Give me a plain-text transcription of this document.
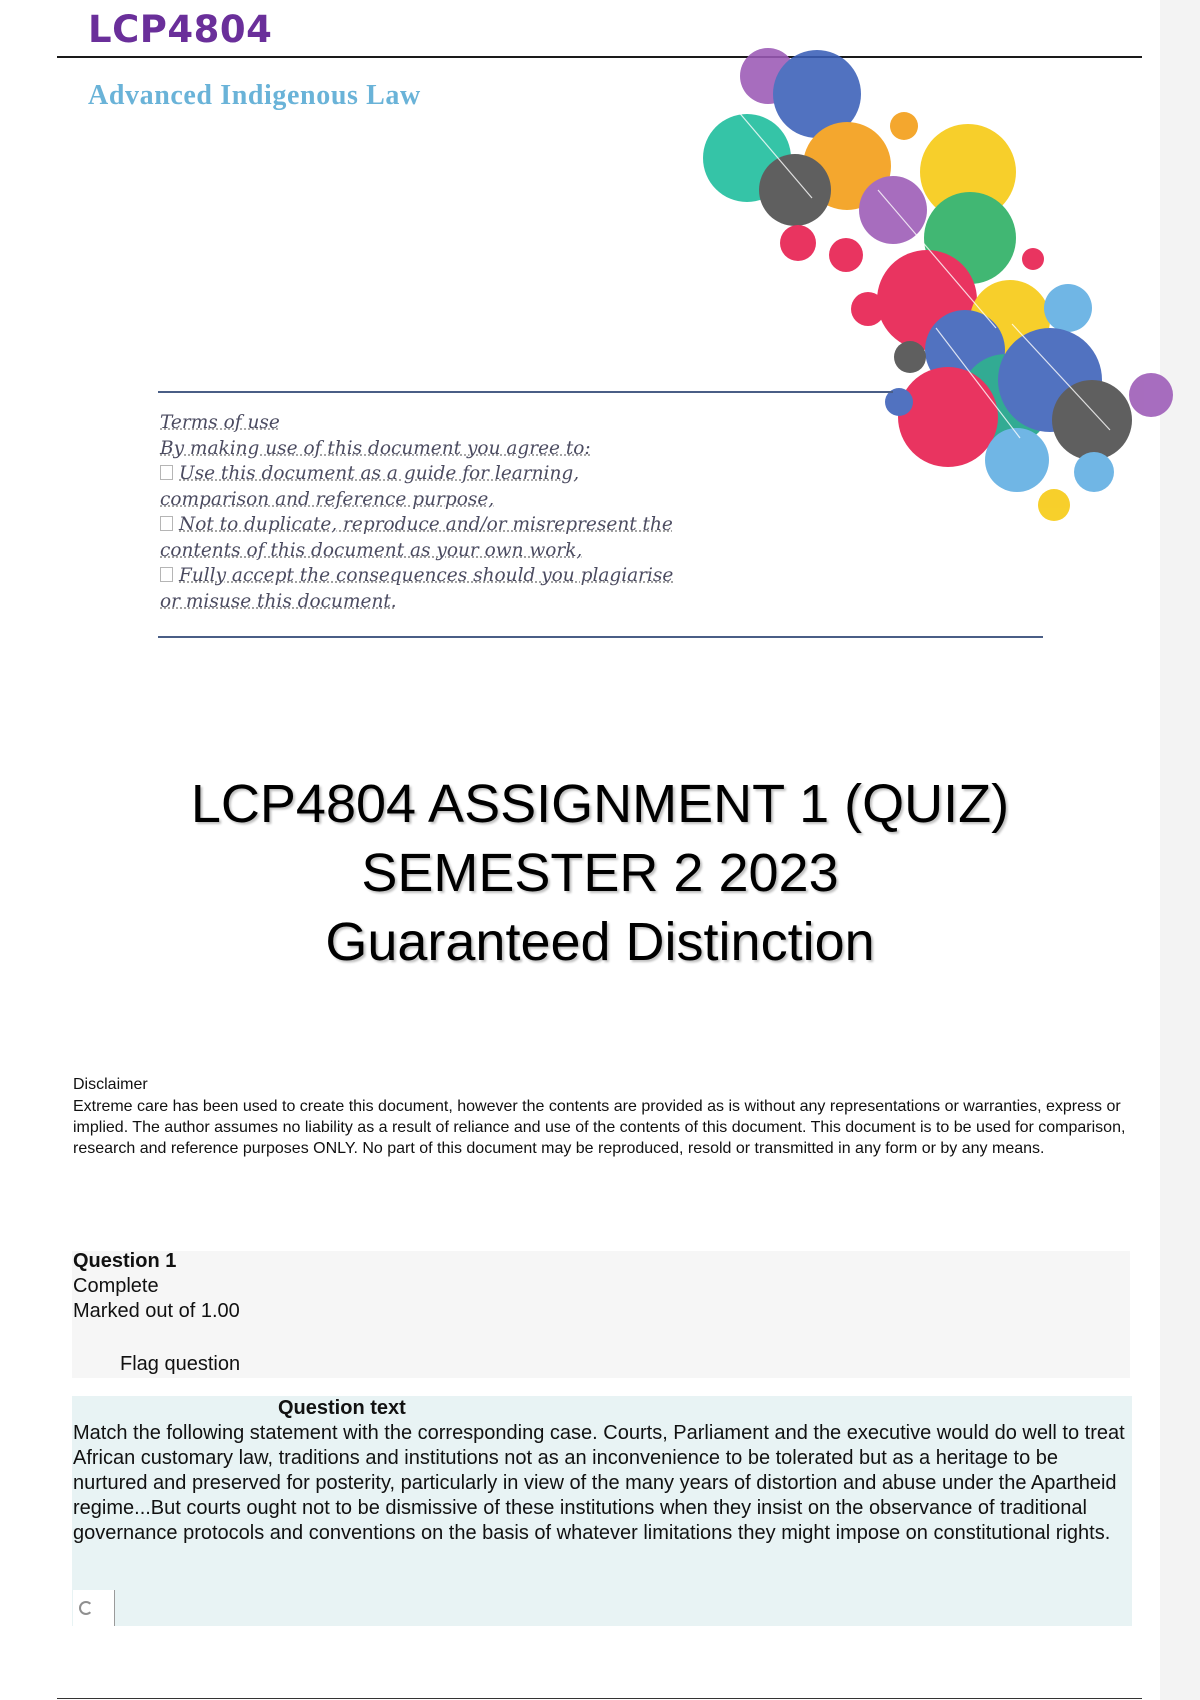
LCP4804
Advanced Indigenous Law
Terms of use
By making use of this document you agree to:
Use this document as a guide for learning,
comparison and reference purpose,
Not to duplicate, reproduce and/or misrepresent the
contents of this document as your own work,
Fully accept the consequences should you plagiarise
or misuse this document.
LCP4804 ASSIGNMENT 1 (QUIZ)
SEMESTER 2 2023
Guaranteed Distinction
Disclaimer
Extreme care has been used to create this document, however the contents are provided as is without any representations or warranties, express or implied. The author assumes no liability as a result of reliance and use of the contents of this document. This document is to be used for comparison, research and reference purposes ONLY. No part of this document may be reproduced, resold or transmitted in any form or by any means.
Question 1
Complete
Marked out of 1.00
Flag question
Question text
Match the following statement with the corresponding case. Courts, Parliament and the executive would do well to treat African customary law, traditions and institutions not as an inconvenience to be tolerated but as a heritage to be nurtured and preserved for posterity, particularly in view of the many years of distortion and abuse under the Apartheid regime...But courts ought not to be dismissive of these institutions when they insist on the observance of traditional governance protocols and conventions on the basis of whatever limitations they might impose on constitutional rights.
